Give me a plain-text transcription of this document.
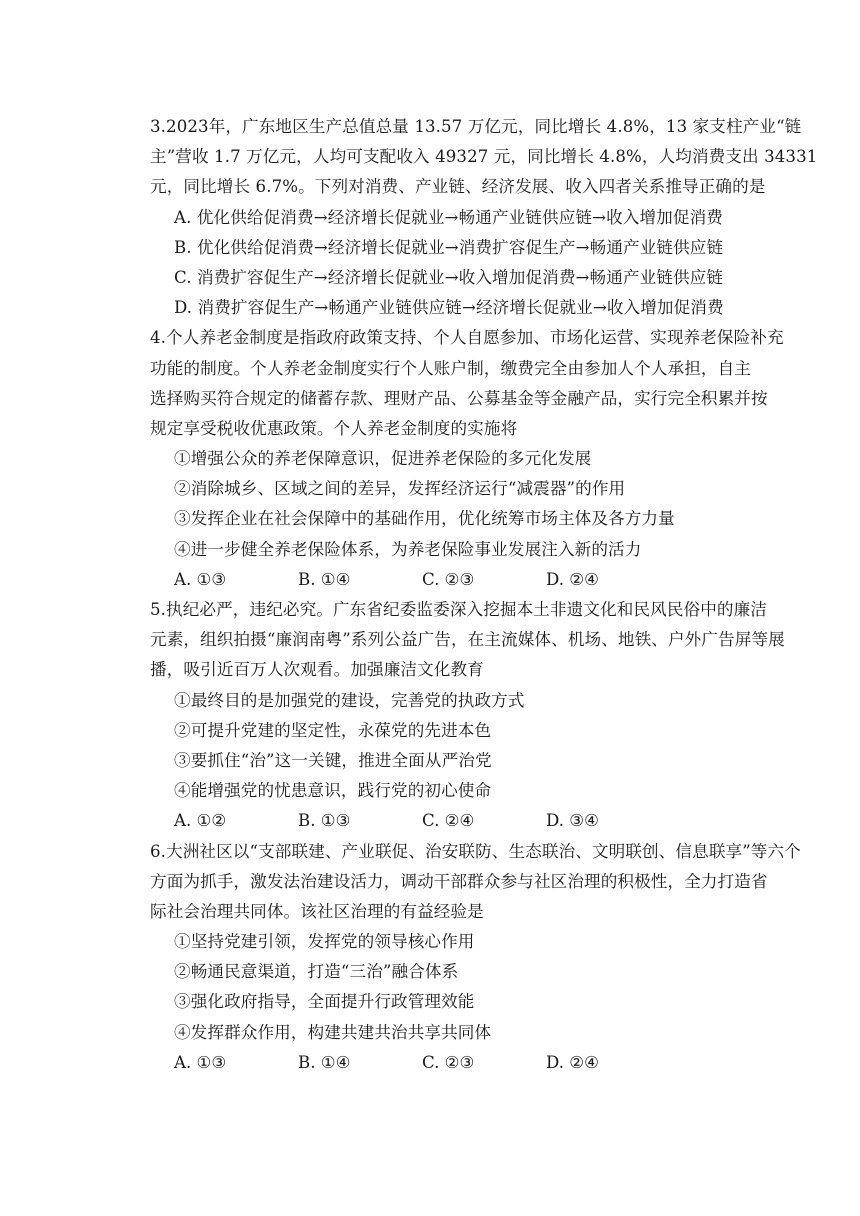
3.2023年，广东地区生产总值总量 13.57 万亿元，同比增长 4.8%，13 家支柱产业“链
主”营收 1.7 万亿元，人均可支配收入 49327 元，同比增长 4.8%，人均消费支出 34331
元，同比增长 6.7%。下列对消费、产业链、经济发展、收入四者关系推导正确的是
A. 优化供给促消费→经济增长促就业→畅通产业链供应链→收入增加促消费
B. 优化供给促消费→经济增长促就业→消费扩容促生产→畅通产业链供应链
C. 消费扩容促生产→经济增长促就业→收入增加促消费→畅通产业链供应链
D. 消费扩容促生产→畅通产业链供应链→经济增长促就业→收入增加促消费
4.个人养老金制度是指政府政策支持、个人自愿参加、市场化运营、实现养老保险补充
功能的制度。个人养老金制度实行个人账户制，缴费完全由参加人个人承担，自主
选择购买符合规定的储蓄存款、理财产品、公募基金等金融产品，实行完全积累并按
规定享受税收优惠政策。个人养老金制度的实施将
①增强公众的养老保障意识，促进养老保险的多元化发展
②消除城乡、区域之间的差异，发挥经济运行“减震器”的作用
③发挥企业在社会保障中的基础作用，优化统筹市场主体及各方力量
④进一步健全养老保险体系，为养老保险事业发展注入新的活力
A. ①③	B. ①④	C. ②③	D. ②④
5.执纪必严，违纪必究。广东省纪委监委深入挖掘本土非遗文化和民风民俗中的廉洁
元素，组织拍摄“廉润南粤”系列公益广告，在主流媒体、机场、地铁、户外广告屏等展
播，吸引近百万人次观看。加强廉洁文化教育
①最终目的是加强党的建设，完善党的执政方式
②可提升党建的坚定性，永葆党的先进本色
③要抓住“治”这一关键，推进全面从严治党
④能增强党的忧患意识，践行党的初心使命
A. ①②	B. ①③	C. ②④	D. ③④
6.大洲社区以“支部联建、产业联促、治安联防、生态联治、文明联创、信息联享”等六个
方面为抓手，激发法治建设活力，调动干部群众参与社区治理的积极性，全力打造省
际社会治理共同体。该社区治理的有益经验是
①坚持党建引领，发挥党的领导核心作用
②畅通民意渠道，打造“三治”融合体系
③强化政府指导，全面提升行政管理效能
④发挥群众作用，构建共建共治共享共同体
A. ①③	B. ①④	C. ②③	D. ②④
